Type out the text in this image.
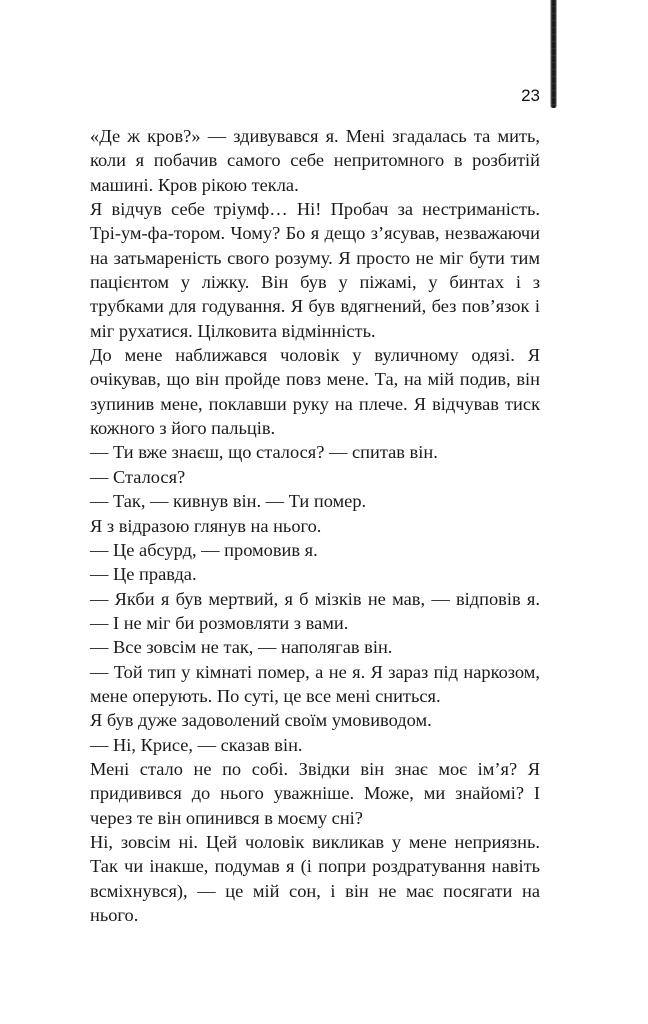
23

«Де ж кров?» — здивувався я. Мені згадалась та мить, коли я побачив самого себе непритомного в розбитій машині. Кров рікою текла.

Я відчув себе тріумф… Ні! Пробач за нестриманість. Трі-ум-фа-тором. Чому? Бо я дещо з’ясував, незважаючи на затьмареність свого розуму. Я просто не міг бути тим пацієнтом у ліжку. Він був у піжамі, у бинтах і з трубками для годування. Я був вдягнений, без пов’язок і міг рухатися. Цілковита відмінність.

До мене наближався чоловік у вуличному одязі. Я очікував, що він пройде повз мене. Та, на мій подив, він зупинив мене, поклавши руку на плече. Я відчував тиск кожного з його пальців.

— Ти вже знаєш, що сталося? — спитав він.

— Сталося?

— Так, — кивнув він. — Ти помер.

Я з відразою глянув на нього.

— Це абсурд, — промовив я.

— Це правда.

— Якби я був мертвий, я б мізків не мав, — відповів я. — І не міг би розмовляти з вами.

— Все зовсім не так, — наполягав він.

— Той тип у кімнаті помер, а не я. Я зараз під наркозом, мене оперують. По суті, це все мені сниться.

Я був дуже задоволений своїм умовиводом.

— Ні, Крисе, — сказав він.

Мені стало не по собі. Звідки він знає моє ім’я? Я придивився до нього уважніше. Може, ми знайомі? І через те він опинився в моєму сні?

Ні, зовсім ні. Цей чоловік викликав у мене неприязнь. Так чи інакше, подумав я (і попри роздратування навіть всміхнувся), — це мій сон, і він не має посягати на нього.
